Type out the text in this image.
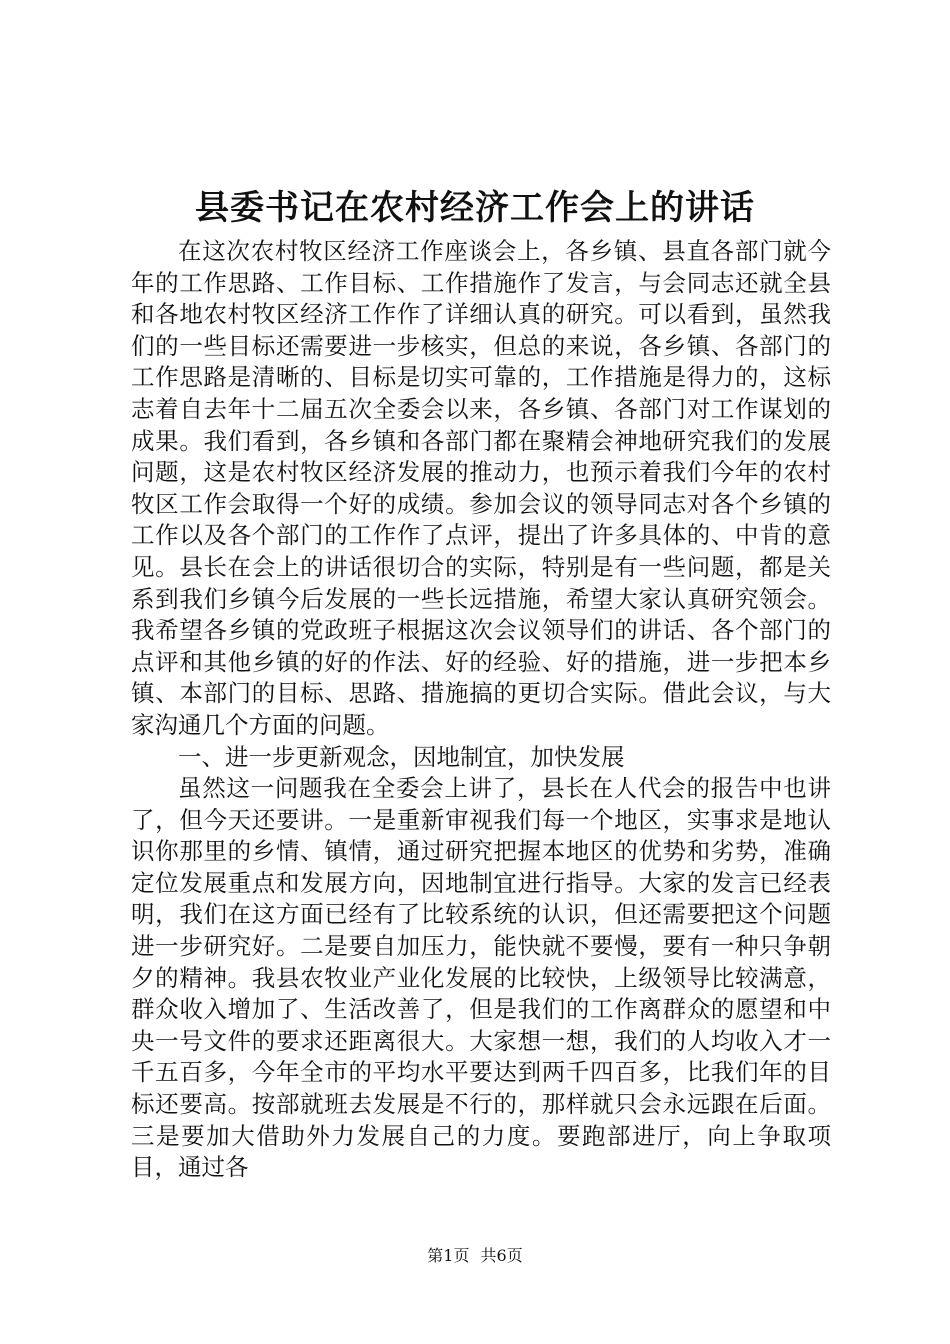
县委书记在农村经济工作会上的讲话

在这次农村牧区经济工作座谈会上，各乡镇、县直各部门就今年的工作思路、工作目标、工作措施作了发言，与会同志还就全县和各地农村牧区经济工作作了详细认真的研究。可以看到，虽然我们的一些目标还需要进一步核实，但总的来说，各乡镇、各部门的工作思路是清晰的、目标是切实可靠的，工作措施是得力的，这标志着自去年十二届五次全委会以来，各乡镇、各部门对工作谋划的成果。我们看到，各乡镇和各部门都在聚精会神地研究我们的发展问题，这是农村牧区经济发展的推动力，也预示着我们今年的农村牧区工作会取得一个好的成绩。参加会议的领导同志对各个乡镇的工作以及各个部门的工作作了点评，提出了许多具体的、中肯的意见。县长在会上的讲话很切合的实际，特别是有一些问题，都是关系到我们乡镇今后发展的一些长远措施，希望大家认真研究领会。我希望各乡镇的党政班子根据这次会议领导们的讲话、各个部门的点评和其他乡镇的好的作法、好的经验、好的措施，进一步把本乡镇、本部门的目标、思路、措施搞的更切合实际。借此会议，与大家沟通几个方面的问题。

一、进一步更新观念，因地制宜，加快发展

虽然这一问题我在全委会上讲了，县长在人代会的报告中也讲了，但今天还要讲。一是重新审视我们每一个地区，实事求是地认识你那里的乡情、镇情，通过研究把握本地区的优势和劣势，准确定位发展重点和发展方向，因地制宜进行指导。大家的发言已经表明，我们在这方面已经有了比较系统的认识，但还需要把这个问题进一步研究好。二是要自加压力，能快就不要慢，要有一种只争朝夕的精神。我县农牧业产业化发展的比较快，上级领导比较满意，群众收入增加了、生活改善了，但是我们的工作离群众的愿望和中央一号文件的要求还距离很大。大家想一想，我们的人均收入才一千五百多，今年全市的平均水平要达到两千四百多，比我们年的目标还要高。按部就班去发展是不行的，那样就只会永远跟在后面。三是要加大借助外力发展自己的力度。要跑部进厅，向上争取项目，通过各

第1页 共6页
